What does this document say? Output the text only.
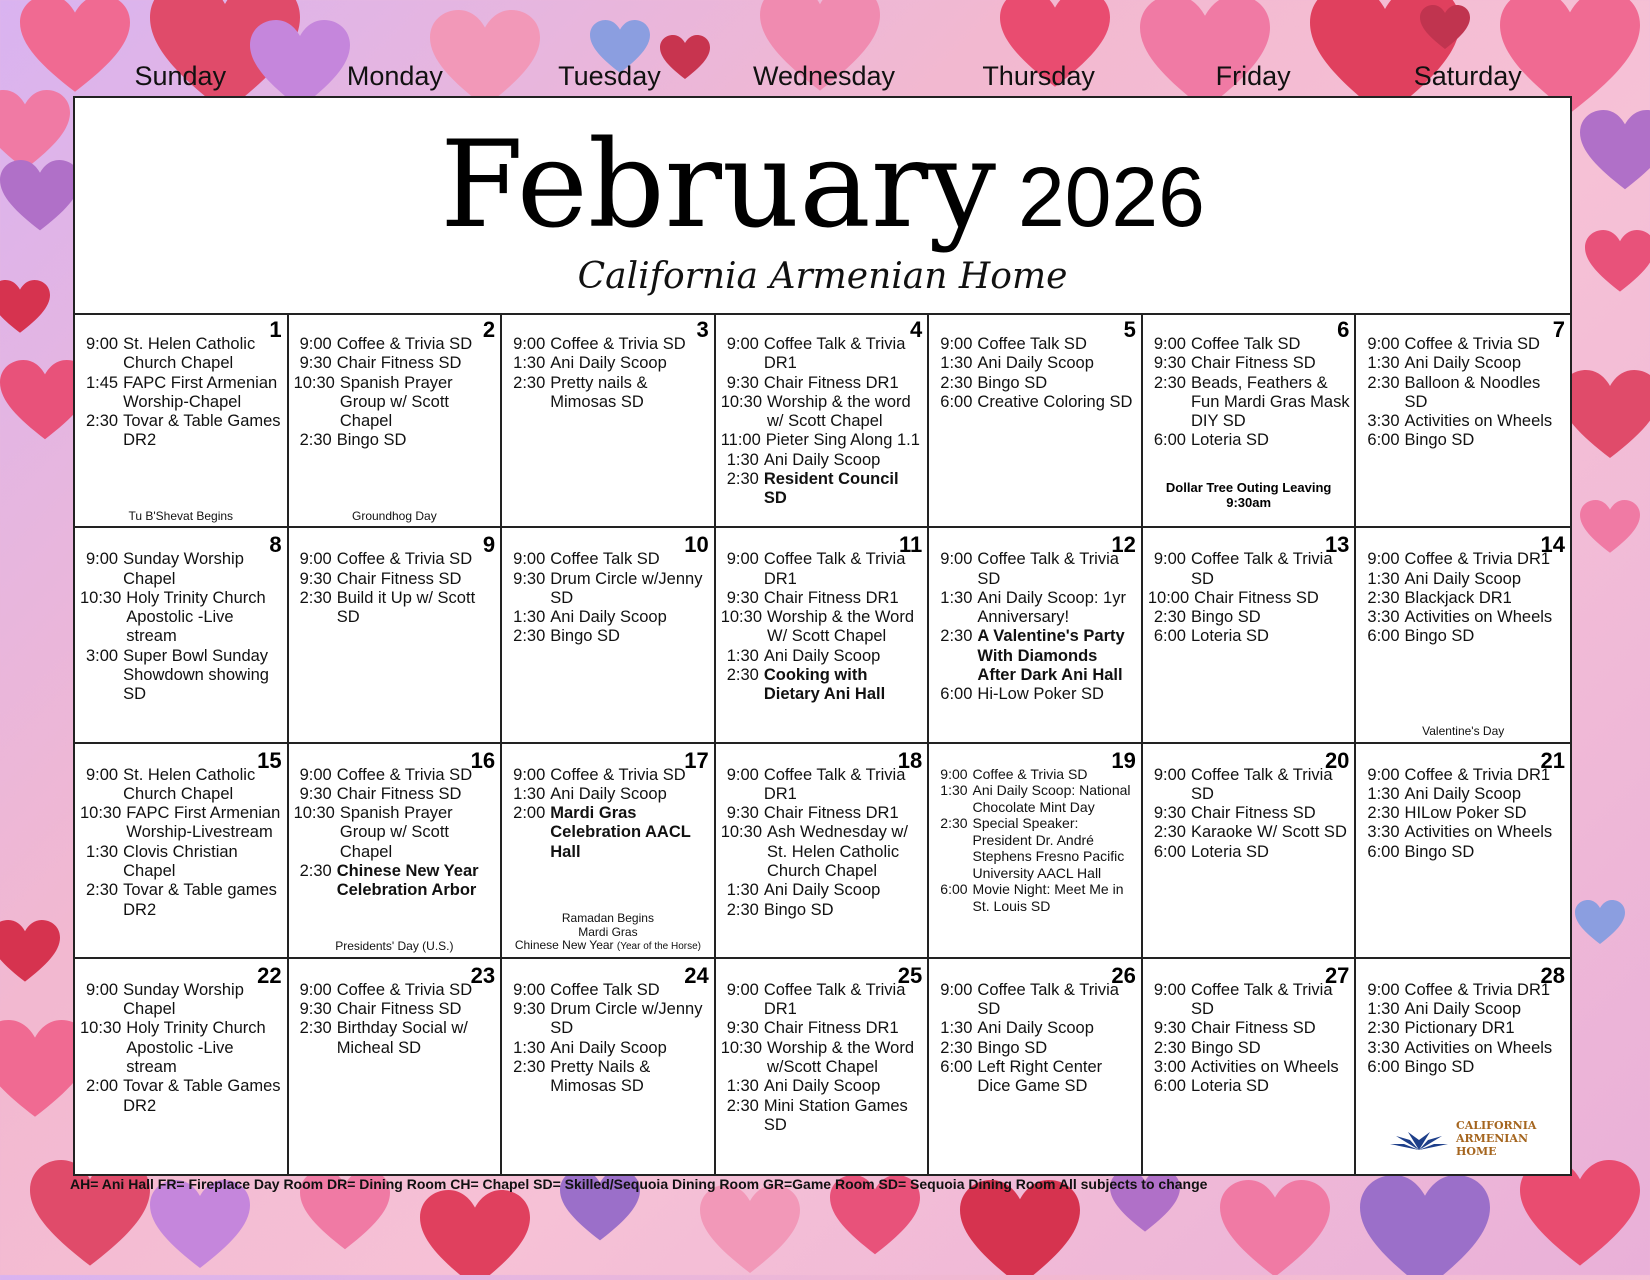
Sunday	Monday	Tuesday	Wednesday	Thursday	Friday	Saturday
February 2026
California Armenian Home
1
9:00 St. Helen Catholic Church Chapel
1:45 FAPC First Armenian Worship-Chapel
2:30 Tovar & Table Games DR2
Tu B'Shevat Begins
2
9:00 Coffee & Trivia SD
9:30 Chair Fitness SD
10:30 Spanish Prayer Group w/ Scott Chapel
2:30 Bingo SD
Groundhog Day
3
9:00 Coffee & Trivia SD
1:30 Ani Daily Scoop
2:30 Pretty nails & Mimosas SD
4
9:00 Coffee Talk & Trivia DR1
9:30 Chair Fitness DR1
10:30 Worship & the word w/ Scott Chapel
11:00 Pieter Sing Along 1.1
1:30 Ani Daily Scoop
2:30 Resident Council SD
5
9:00 Coffee Talk SD
1:30 Ani Daily Scoop
2:30 Bingo SD
6:00 Creative Coloring SD
6
9:00 Coffee Talk SD
9:30 Chair Fitness SD
2:30 Beads, Feathers & Fun Mardi Gras Mask DIY SD
6:00 Loteria SD
Dollar Tree Outing Leaving 9:30am
7
9:00 Coffee & Trivia SD
1:30 Ani Daily Scoop
2:30 Balloon & Noodles SD
3:30 Activities on Wheels
6:00 Bingo SD
8
9:00 Sunday Worship Chapel
10:30 Holy Trinity Church Apostolic -Live stream
3:00 Super Bowl Sunday Showdown showing SD
9
9:00 Coffee & Trivia SD
9:30 Chair Fitness SD
2:30 Build it Up w/ Scott SD
10
9:00 Coffee Talk SD
9:30 Drum Circle w/Jenny SD
1:30 Ani Daily Scoop
2:30 Bingo SD
11
9:00 Coffee Talk & Trivia DR1
9:30 Chair Fitness DR1
10:30 Worship & the Word W/ Scott Chapel
1:30 Ani Daily Scoop
2:30 Cooking with Dietary Ani Hall
12
9:00 Coffee Talk & Trivia SD
1:30 Ani Daily Scoop: 1yr Anniversary!
2:30 A Valentine's Party With Diamonds After Dark Ani Hall
6:00 Hi-Low Poker SD
13
9:00 Coffee Talk & Trivia SD
10:00 Chair Fitness SD
2:30 Bingo SD
6:00 Loteria SD
14
9:00 Coffee & Trivia DR1
1:30 Ani Daily Scoop
2:30 Blackjack DR1
3:30 Activities on Wheels
6:00 Bingo SD
Valentine's Day
15
9:00 St. Helen Catholic Church Chapel
10:30 FAPC First Armenian Worship-Livestream
1:30 Clovis Christian Chapel
2:30 Tovar & Table games DR2
16
9:00 Coffee & Trivia SD
9:30 Chair Fitness SD
10:30 Spanish Prayer Group w/ Scott Chapel
2:30 Chinese New Year Celebration Arbor
Presidents' Day (U.S.)
17
9:00 Coffee & Trivia SD
1:30 Ani Daily Scoop
2:00 Mardi Gras Celebration AACL Hall
Ramadan Begins
Mardi Gras
Chinese New Year (Year of the Horse)
18
9:00 Coffee Talk & Trivia DR1
9:30 Chair Fitness DR1
10:30 Ash Wednesday w/ St. Helen Catholic Church Chapel
1:30 Ani Daily Scoop
2:30 Bingo SD
19
9:00 Coffee & Trivia SD
1:30 Ani Daily Scoop: National Chocolate Mint Day
2:30 Special Speaker: President Dr. André Stephens Fresno Pacific University AACL Hall
6:00 Movie Night: Meet Me in St. Louis SD
20
9:00 Coffee Talk & Trivia SD
9:30 Chair Fitness SD
2:30 Karaoke W/ Scott SD
6:00 Loteria SD
21
9:00 Coffee & Trivia DR1
1:30 Ani Daily Scoop
2:30 HILow Poker SD
3:30 Activities on Wheels
6:00 Bingo SD
22
9:00 Sunday Worship Chapel
10:30 Holy Trinity Church Apostolic -Live stream
2:00 Tovar & Table Games DR2
23
9:00 Coffee & Trivia SD
9:30 Chair Fitness SD
2:30 Birthday Social w/ Micheal SD
24
9:00 Coffee Talk SD
9:30 Drum Circle w/Jenny SD
1:30 Ani Daily Scoop
2:30 Pretty Nails & Mimosas SD
25
9:00 Coffee Talk & Trivia DR1
9:30 Chair Fitness DR1
10:30 Worship & the Word w/Scott Chapel
1:30 Ani Daily Scoop
2:30 Mini Station Games SD
26
9:00 Coffee Talk & Trivia SD
1:30 Ani Daily Scoop
2:30 Bingo SD
6:00 Left Right Center Dice Game SD
27
9:00 Coffee Talk & Trivia SD
9:30 Chair Fitness SD
2:30 Bingo SD
3:00 Activities on Wheels
6:00 Loteria SD
28
9:00 Coffee & Trivia DR1
1:30 Ani Daily Scoop
2:30 Pictionary DR1
3:30 Activities on Wheels
6:00 Bingo SD
CALIFORNIA ARMENIAN HOME
AH= Ani Hall FR= Fireplace Day Room DR= Dining Room CH= Chapel SD= Skilled/Sequoia Dining Room GR=Game Room SD= Sequoia Dining Room All subjects to change
